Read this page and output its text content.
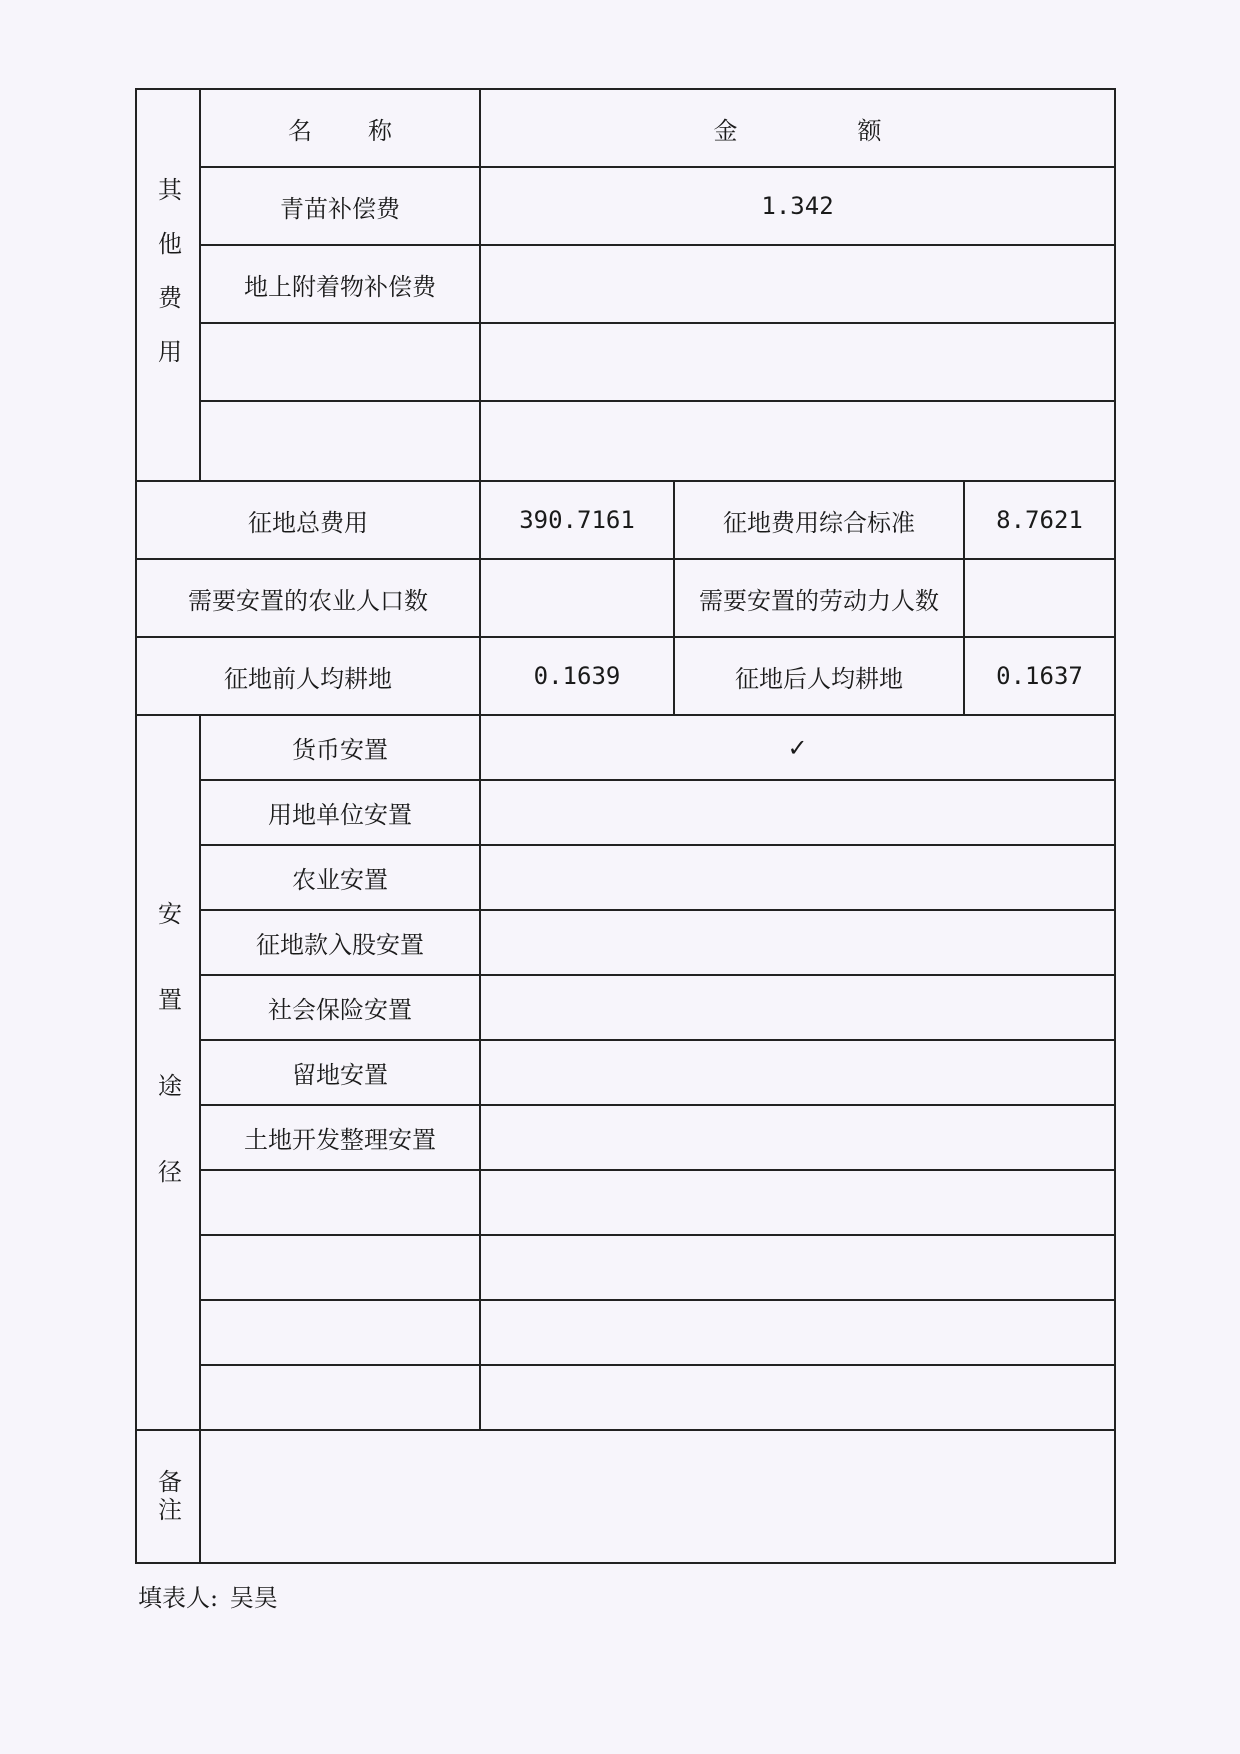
其他费用	名称	金额		
	青苗补偿费	1.342		
	地上附着物补偿费			

征地总费用		390.7161	征地费用综合标准	8.7621
需要安置的农业人口数			需要安置的劳动力人数	
征地前人均耕地		0.1639	征地后人均耕地	0.1637
安置途径	货币安置	✓		
	用地单位安置			
	农业安置			
	征地款入股安置			
	社会保险安置			
	留地安置			
	土地开发整理安置			

备注				
填表人: 吴昊
